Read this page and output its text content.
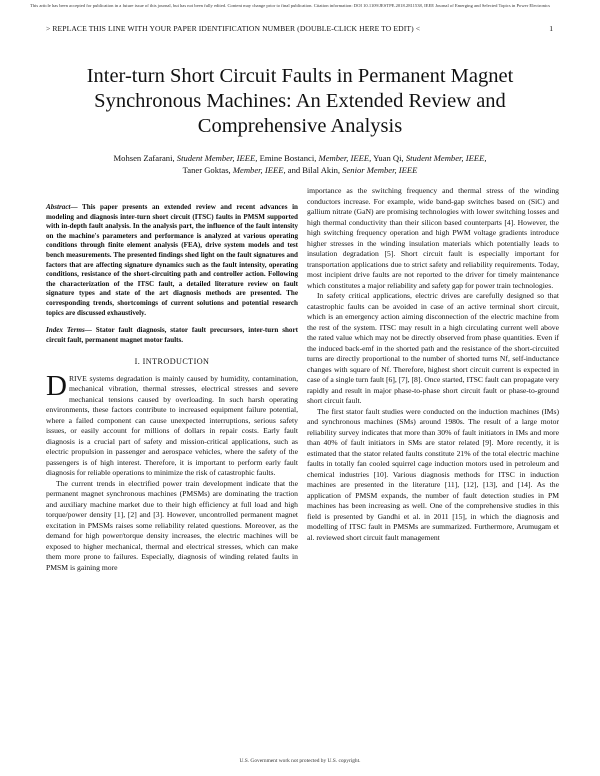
This article has been accepted for publication in a future issue of this journal, but has not been fully edited. Content may change prior to final publication. Citation information: DOI 10.1109/JESTPE.2018.2811538, IEEE Journal of Emerging and Selected Topics in Power Electronics
> REPLACE THIS LINE WITH YOUR PAPER IDENTIFICATION NUMBER (DOUBLE-CLICK HERE TO EDIT) <	1
Inter-turn Short Circuit Faults in Permanent Magnet Synchronous Machines: An Extended Review and Comprehensive Analysis
Mohsen Zafarani, Student Member, IEEE, Emine Bostanci, Member, IEEE, Yuan Qi, Student Member, IEEE,
Taner Goktas, Member, IEEE, and Bilal Akin, Senior Member, IEEE

Abstract— This paper presents an extended review and recent advances in modeling and diagnosis inter-turn short circuit (ITSC) faults in PMSM supported with in-depth fault analysis. In the analysis part, the influence of the fault intensity on the machine's parameters and performance is analyzed at various operating conditions through finite element analysis (FEA), drive system models and test bench measurements. The presented findings shed light on the fault signatures and factors that are affecting signature dynamics such as the fault intensity, operating conditions, resistance of the short-circuiting path and controller action. Following the characterization of the ITSC fault, a detailed literature review on fault signature types and state of the art diagnosis methods are presented. The corresponding trends, shortcomings of current solutions and potential research topics are discussed exhaustively.

Index Terms— Stator fault diagnosis, stator fault precursors, inter-turn short circuit fault, permanent magnet motor faults.

I. INTRODUCTION

DRIVE systems degradation is mainly caused by humidity, contamination, mechanical vibration, thermal stresses, electrical stresses and severe mechanical tensions caused by overloading. In such harsh operating environments, these factors contribute to increased equipment failure potential, where a failed component can cause unexpected interruptions, serious safety issues, or easily account for millions of dollars in repair costs. Early fault diagnosis is a crucial part of safety and mission-critical applications, such as electric propulsion in passenger and aerospace vehicles, where the safety of the passengers is of high interest. Therefore, it is important to perform early fault diagnosis for reliable operations to minimize the risk of catastrophic faults.

The current trends in electrified power train development indicate that the permanent magnet synchronous machines (PMSMs) are dominating the traction and auxiliary machine market due to their high efficiency at full load and high torque/power density [1], [2] and [3]. However, uncontrolled permanent magnet excitation in PMSMs raises some reliability related questions. Moreover, as the demand for high power/torque density increases, the electric machines will be exposed to higher mechanical, thermal and electrical stresses, which can make them more prone to failures. Especially, diagnosis of winding related faults in PMSM is gaining more

importance as the switching frequency and thermal stress of the winding conductors increase. For example, wide band-gap switches based on (SiC) and gallium nitrate (GaN) are promising technologies with lower switching losses and high thermal conductivity than their silicon based counterparts [4]. However, the high switching frequency operation and high PWM voltage gradients introduce higher stresses in the winding insulation materials which potentially leads to insulation degradation [5]. Short circuit fault is especially important for transportation applications due to strict safety and reliability requirements. Today, most incipient drive faults are not reported to the driver for timely maintenance which constitutes a major reliability and safety gap for power train technologies.

In safety critical applications, electric drives are carefully designed so that catastrophic faults can be avoided in case of an active terminal short circuit, which is an emergency action aiming disconnection of the electric machine from the rest of the system. ITSC may result in a high circulating current well above the rated value which may not be directly observed from phase quantities. Even if the induced back-emf in the shorted path and the resistance of the short-circuited turns are directly proportional to the number of shorted turns Nf, self-inductance changes with square of Nf. Therefore, highest short circuit current is expected in case of a single turn fault [6], [7], [8]. Once started, ITSC fault can propagate very rapidly and result in major phase-to-phase short circuit fault or phase-to-ground short circuit fault.

The first stator fault studies were conducted on the induction machines (IMs) and synchronous machines (SMs) around 1980s. The result of a large motor reliability survey indicates that more than 30% of fault initiators in IMs and more than 40% of fault initiators in SMs are stator related [9]. More recently, it is estimated that the stator related faults constitute 21% of the total electric machine faults in totally fan cooled squirrel cage induction motors used in petroleum and chemical industries [10]. Various diagnosis methods for ITSC in induction machines are presented in the literature [11], [12], [13], and [14]. As the application of PMSM expands, the number of fault detection studies in PM machines has been increasing as well. One of the comprehensive studies in this field is presented by Gandhi et al. in 2011 [15], in which the diagnosis and modelling of ITSC fault in PMSMs are summarized. Furthermore, Arumugam et al. reviewed short circuit fault management

U.S. Government work not protected by U.S. copyright.
